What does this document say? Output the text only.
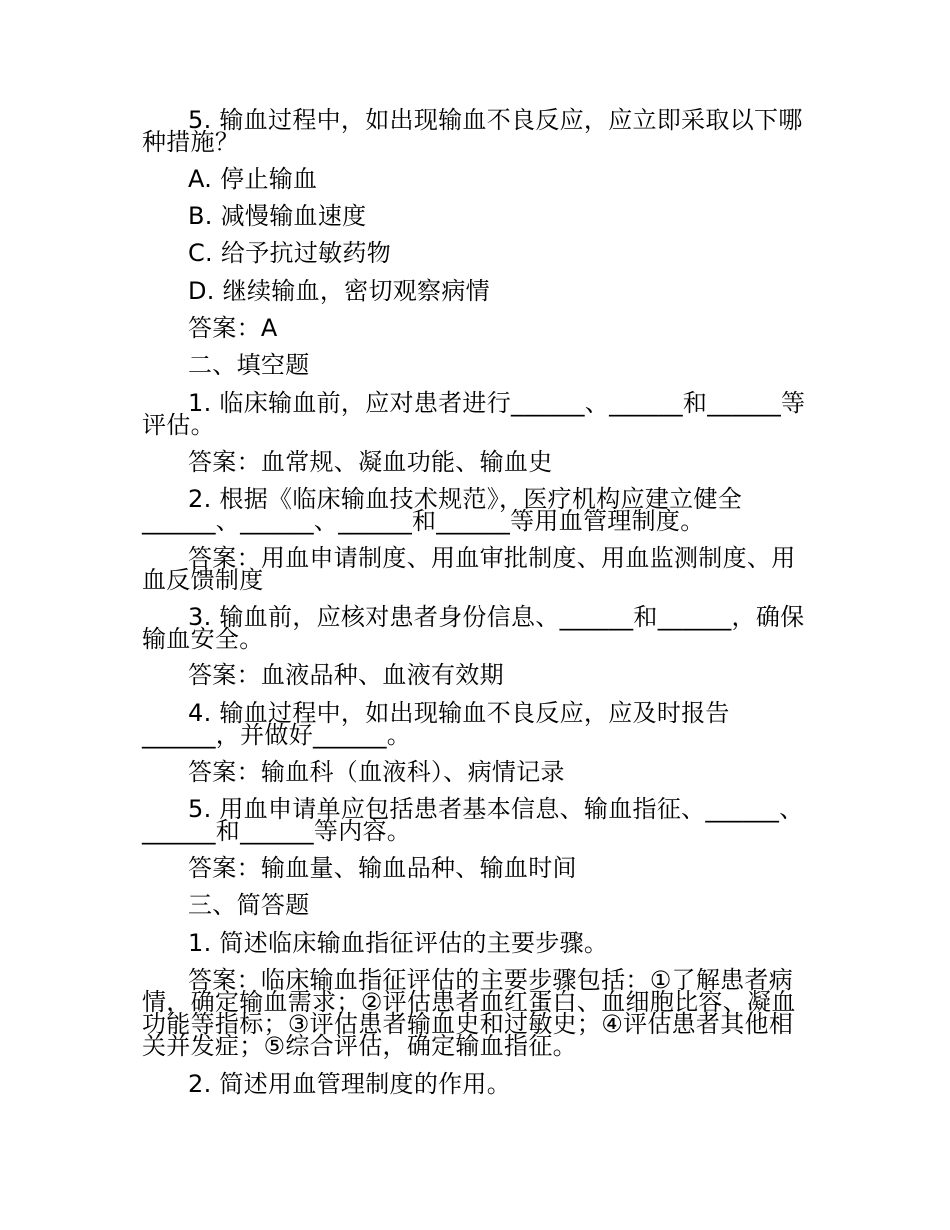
5. 输血过程中，如出现输血不良反应，应立即采取以下哪种措施？

A. 停止输血

B. 减慢输血速度

C. 给予抗过敏药物

D. 继续输血，密切观察病情

答案：A

二、填空题

1. 临床输血前，应对患者进行______、______和______等评估。

答案：血常规、凝血功能、输血史

2. 根据《临床输血技术规范》，医疗机构应建立健全______、______、______和______等用血管理制度。

答案：用血申请制度、用血审批制度、用血监测制度、用血反馈制度

3. 输血前，应核对患者身份信息、______和______，确保输血安全。

答案：血液品种、血液有效期

4. 输血过程中，如出现输血不良反应，应及时报告______，并做好______。

答案：输血科（血液科）、病情记录

5. 用血申请单应包括患者基本信息、输血指征、______、______和______等内容。

答案：输血量、输血品种、输血时间

三、简答题

1. 简述临床输血指征评估的主要步骤。

答案：临床输血指征评估的主要步骤包括：①了解患者病情，确定输血需求；②评估患者血红蛋白、血细胞比容、凝血功能等指标；③评估患者输血史和过敏史；④评估患者其他相关并发症；⑤综合评估，确定输血指征。

2. 简述用血管理制度的作用。
